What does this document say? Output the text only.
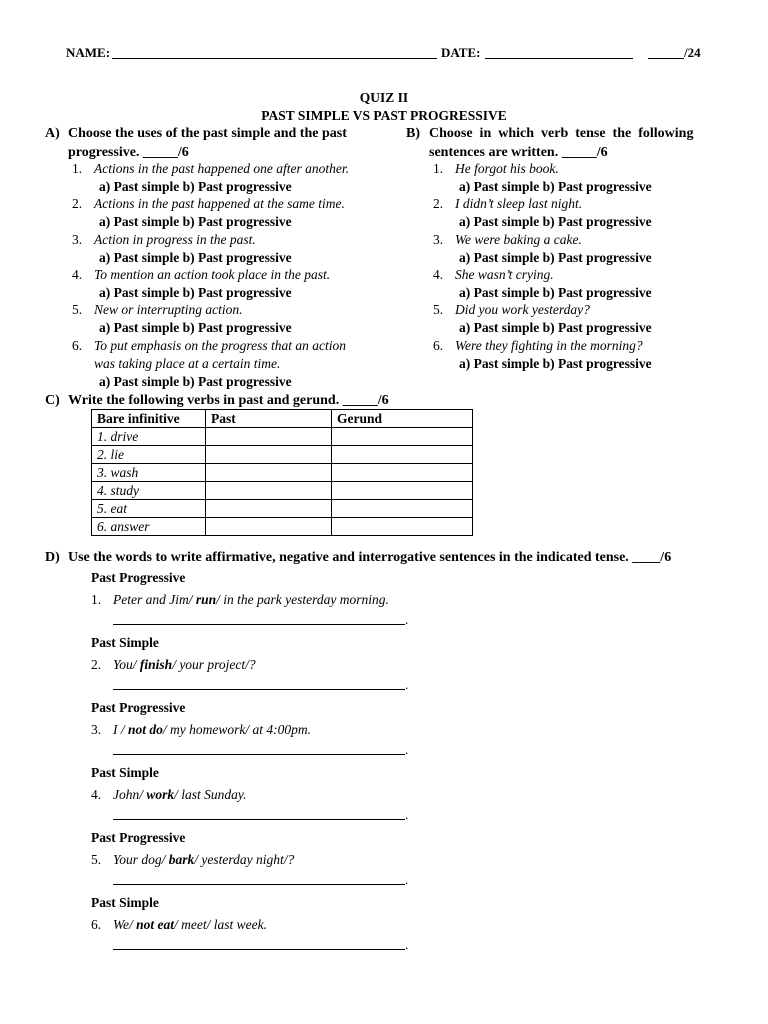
NAME:	DATE:	/24
QUIZ II
PAST SIMPLE VS PAST PROGRESSIVE
A) Choose the uses of the past simple and the past
progressive. _____/6
1. Actions in the past happened one after another.
a) Past simple b) Past progressive
2. Actions in the past happened at the same time.
a) Past simple b) Past progressive
3. Action in progress in the past.
a) Past simple b) Past progressive
4. To mention an action took place in the past.
a) Past simple b) Past progressive
5. New or interrupting action.
a) Past simple b) Past progressive
6. To put emphasis on the progress that an action
was taking place at a certain time.
a) Past simple b) Past progressive
B) Choose  in  which  verb  tense  the  following
sentences are written. _____/6
1. He forgot his book.
a) Past simple b) Past progressive
2. I didn’t sleep last night.
a) Past simple b) Past progressive
3. We were baking a cake.
a) Past simple b) Past progressive
4. She wasn’t crying.
a) Past simple b) Past progressive
5. Did you work yesterday?
a) Past simple b) Past progressive
6. Were they fighting in the morning?
a) Past simple b) Past progressive
C) Write the following verbs in past and gerund. _____/6
Bare infinitive	Past	Gerund
1. drive		
2. lie		
3. wash		
4. study		
5. eat		
6. answer		
D) Use the words to write affirmative, negative and interrogative sentences in the indicated tense. ____/6
Past Progressive
1. Peter and Jim/ run/ in the park yesterday morning.
.
Past Simple
2. You/ finish/ your project/?
.
Past Progressive
3. I / not do/ my homework/ at 4:00pm.
.
Past Simple
4. John/ work/ last Sunday.
.
Past Progressive
5. Your dog/ bark/ yesterday night/?
.
Past Simple
6. We/ not eat/ meet/ last week.
.
